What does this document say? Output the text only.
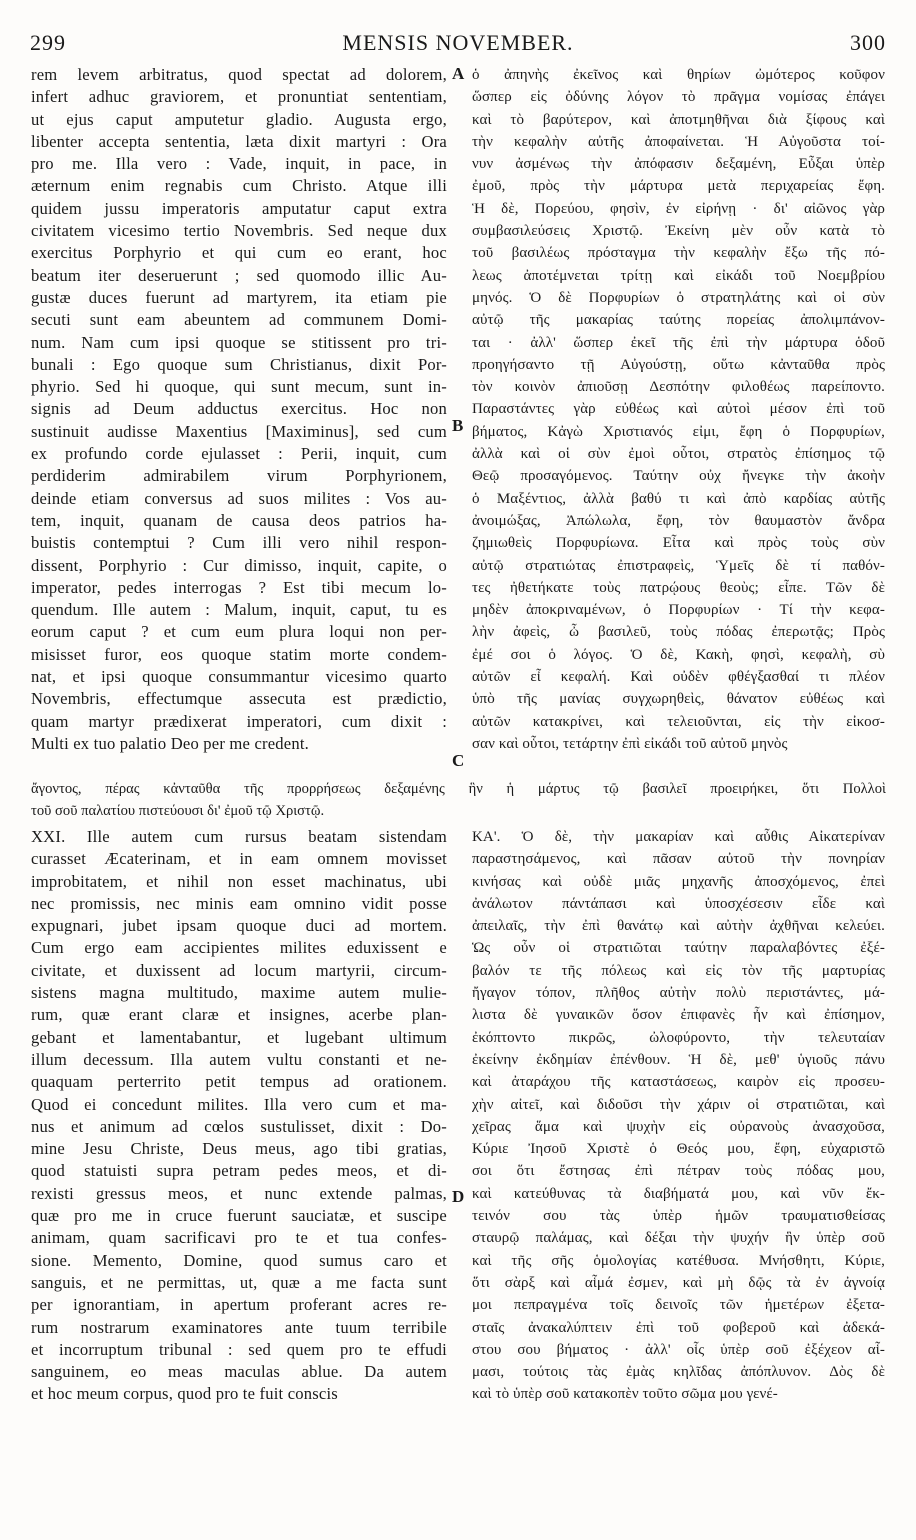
299	MENSIS NOVEMBER.	300
A
B
C
D
rem levem arbitratus, quod spectat ad dolorem,
infert adhuc graviorem, et pronuntiat sententiam,
ut ejus caput amputetur gladio. Augusta ergo,
libenter accepta sententia, læta dixit martyri : Ora
pro me. Illa vero : Vade, inquit, in pace, in
æternum enim regnabis cum Christo. Atque illi
quidem jussu imperatoris amputatur caput extra
civitatem vicesimo tertio Novembris. Sed neque dux
exercitus Porphyrio et qui cum eo erant, hoc
beatum iter deseruerunt ; sed quomodo illic Au-
gustæ duces fuerunt ad martyrem, ita etiam pie
secuti sunt eam abeuntem ad communem Domi-
num. Nam cum ipsi quoque se stitissent pro tri-
bunali : Ego quoque sum Christianus, dixit Por-
phyrio. Sed hi quoque, qui sunt mecum, sunt in-
signis ad Deum adductus exercitus. Hoc non
sustinuit audisse Maxentius [Maximinus], sed cum
ex profundo corde ejulasset : Perii, inquit, cum
perdiderim admirabilem virum Porphyrionem,
deinde etiam conversus ad suos milites : Vos au-
tem, inquit, quanam de causa deos patrios ha-
buistis contemptui ? Cum illi vero nihil respon-
dissent, Porphyrio : Cur dimisso, inquit, capite, o
imperator, pedes interrogas ? Est tibi mecum lo-
quendum. Ille autem : Malum, inquit, caput, tu es
eorum caput ? et cum eum plura loqui non per-
misisset furor, eos quoque statim morte condem-
nat, et ipsi quoque consummantur vicesimo quarto
Novembris, effectumque assecuta est prædictio,
quam martyr prædixerat imperatori, cum dixit :
Multi ex tuo palatio Deo per me credent.
ὁ ἀπηνὴς ἐκεῖνος καὶ θηρίων ὠμότερος κοῦφον
ὥσπερ εἰς ὀδύνης λόγον τὸ πρᾶγμα νομίσας ἐπάγει
καὶ τὸ βαρύτερον, καὶ ἀποτμηθῆναι διὰ ξίφους καὶ
τὴν κεφαλὴν αὐτῆς ἀποφαίνεται. Ἡ Αὐγοῦστα τοί-
νυν ἀσμένως τὴν ἀπόφασιν δεξαμένη, Εὖξαι ὑπὲρ
ἐμοῦ, πρὸς τὴν μάρτυρα μετὰ περιχαρείας ἔφη.
Ἡ δὲ, Πορεύου, φησὶν, ἐν εἰρήνῃ · δι' αἰῶνος γὰρ
συμβασιλεύσεις Χριστῷ. Ἐκείνη μὲν οὖν κατὰ τὸ
τοῦ βασιλέως πρόσταγμα τὴν κεφαλὴν ἔξω τῆς πό-
λεως ἀποτέμνεται τρίτῃ καὶ εἰκάδι τοῦ Νοεμβρίου
μηνός. Ὁ δὲ Πορφυρίων ὁ στρατηλάτης καὶ οἱ σὺν
αὐτῷ τῆς μακαρίας ταύτης πορείας ἀπολιμπάνον-
ται · ἀλλ' ὥσπερ ἐκεῖ τῆς ἐπὶ τὴν μάρτυρα ὁδοῦ
προηγήσαντο τῇ Αὐγούστῃ, οὕτω κἀνταῦθα πρὸς
τὸν κοινὸν ἀπιοῦσῃ Δεσπότην φιλοθέως παρείποντο.
Παραστάντες γὰρ εὐθέως καὶ αὐτοὶ μέσον ἐπὶ τοῦ
βήματος, Κἀγὼ Χριστιανός εἰμι, ἔφη ὁ Πορφυρίων,
ἀλλὰ καὶ οἱ σὺν ἐμοὶ οὗτοι, στρατὸς ἐπίσημος τῷ
Θεῷ προσαγόμενος. Ταύτην οὐχ ἤνεγκε τὴν ἀκοὴν
ὁ Μαξέντιος, ἀλλὰ βαθύ τι καὶ ἀπὸ καρδίας αὐτῆς
ἀνοιμώξας, Ἀπώλωλα, ἔφη, τὸν θαυμαστὸν ἄνδρα
ζημιωθεὶς Πορφυρίωνα. Εἶτα καὶ πρὸς τοὺς σὺν
αὐτῷ στρατιώτας ἐπιστραφεὶς, Ὑμεῖς δὲ τί παθόν-
τες ἠθετήκατε τοὺς πατρῴους θεοὺς; εἶπε. Τῶν δὲ
μηδὲν ἀποκριναμένων, ὁ Πορφυρίων · Τί τὴν κεφα-
λὴν ἀφεὶς, ὦ βασιλεῦ, τοὺς πόδας ἐπερωτᾷς; Πρὸς
ἐμέ σοι ὁ λόγος. Ὁ δὲ, Κακὴ, φησὶ, κεφαλὴ, σὺ
αὐτῶν εἶ κεφαλή. Καὶ οὐδὲν φθέγξασθαί τι πλέον
ὑπὸ τῆς μανίας συγχωρηθεὶς, θάνατον εὐθέως καὶ
αὐτῶν κατακρίνει, καὶ τελειοῦνται, εἰς τὴν εἰκοσ-
σαν καὶ οὗτοι, τετάρτην ἐπὶ εἰκάδι τοῦ αὐτοῦ μηνὸς
ἄγοντος, πέρας κἀνταῦθα τῆς προρρήσεως δεξαμένης ἣν ἡ μάρτυς τῷ βασιλεῖ προειρήκει, ὅτι Πολλοὶ
τοῦ σοῦ παλατίου πιστεύουσι δι' ἐμοῦ τῷ Χριστῷ.
XXI. Ille autem cum rursus beatam sistendam
curasset Æcaterinam, et in eam omnem movisset
improbitatem, et nihil non esset machinatus, ubi
nec promissis, nec minis eam omnino vidit posse
expugnari, jubet ipsam quoque duci ad mortem.
Cum ergo eam accipientes milites eduxissent e
civitate, et duxissent ad locum martyrii, circum-
sistens magna multitudo, maxime autem mulie-
rum, quæ erant claræ et insignes, acerbe plan-
gebant et lamentabantur, et lugebant ultimum
illum decessum. Illa autem vultu constanti et ne-
quaquam perterrito petit tempus ad orationem.
Quod ei concedunt milites. Illa vero cum et ma-
nus et animum ad cœlos sustulisset, dixit : Do-
mine Jesu Christe, Deus meus, ago tibi gratias,
quod statuisti supra petram pedes meos, et di-
rexisti gressus meos, et nunc extende palmas,
quæ pro me in cruce fuerunt sauciatæ, et suscipe
animam, quam sacrificavi pro te et tua confes-
sione. Memento, Domine, quod sumus caro et
sanguis, et ne permittas, ut, quæ a me facta sunt
per ignorantiam, in apertum proferant acres re-
rum nostrarum examinatores ante tuum terribile
et incorruptum tribunal : sed quem pro te effudi
sanguinem, eo meas maculas ablue. Da autem
et hoc meum corpus, quod pro te fuit conscis
ΚΑ'. Ὁ δὲ, τὴν μακαρίαν καὶ αὖθις Αἰκατερίναν
παραστησάμενος, καὶ πᾶσαν αὐτοῦ τὴν πονηρίαν
κινήσας καὶ οὐδὲ μιᾶς μηχανῆς ἀποσχόμενος, ἐπεὶ
ἀνάλωτον πάντάπασι καὶ ὑποσχέσεσιν εἶδε καὶ
ἀπειλαῖς, τὴν ἐπὶ θανάτῳ καὶ αὐτὴν ἀχθῆναι κελεύει.
Ὡς οὖν οἱ στρατιῶται ταύτην παραλαβόντες ἐξέ-
βαλόν τε τῆς πόλεως καὶ εἰς τὸν τῆς μαρτυρίας
ἤγαγον τόπον, πλῆθος αὐτὴν πολὺ περιστάντες, μά-
λιστα δὲ γυναικῶν ὅσον ἐπιφανὲς ἦν καὶ ἐπίσημον,
ἐκόπτοντο πικρῶς, ὠλοφύροντο, τὴν τελευταίαν
ἐκείνην ἐκδημίαν ἐπένθουν. Ἡ δὲ, μεθ' ὑγιοῦς πάνυ
καὶ ἀταράχου τῆς καταστάσεως, καιρὸν εἰς προσευ-
χὴν αἰτεῖ, καὶ διδοῦσι τὴν χάριν οἱ στρατιῶται, καὶ
χεῖρας ἅμα καὶ ψυχὴν εἰς οὐρανοὺς ἀνασχοῦσα,
Κύριε Ἰησοῦ Χριστὲ ὁ Θεός μου, ἔφη, εὐχαριστῶ
σοι ὅτι ἔστησας ἐπὶ πέτραν τοὺς πόδας μου,
καὶ κατεύθυνας τὰ διαβήματά μου, καὶ νῦν ἔκ-
τεινόν σου τὰς ὑπὲρ ἡμῶν τραυματισθείσας
σταυρῷ παλάμας, καὶ δέξαι τὴν ψυχήν ἣν ὑπὲρ σοῦ
καὶ τῆς σῆς ὁμολογίας κατέθυσα. Μνήσθητι, Κύριε,
ὅτι σὰρξ καὶ αἷμά ἐσμεν, καὶ μὴ δῷς τὰ ἐν ἀγνοίᾳ
μοι πεπραγμένα τοῖς δεινοῖς τῶν ἡμετέρων ἐξετα-
σταῖς ἀνακαλύπτειν ἐπὶ τοῦ φοβεροῦ καὶ ἀδεκά-
στου σου βήματος · ἀλλ' οἷς ὑπὲρ σοῦ ἐξέχεον αἷ-
μασι, τούτοις τὰς ἐμὰς κηλῖδας ἀπόπλυνον. Δὸς δὲ
καὶ τὸ ὑπὲρ σοῦ κατακοπὲν τοῦτο σῶμα μου γενέ-
